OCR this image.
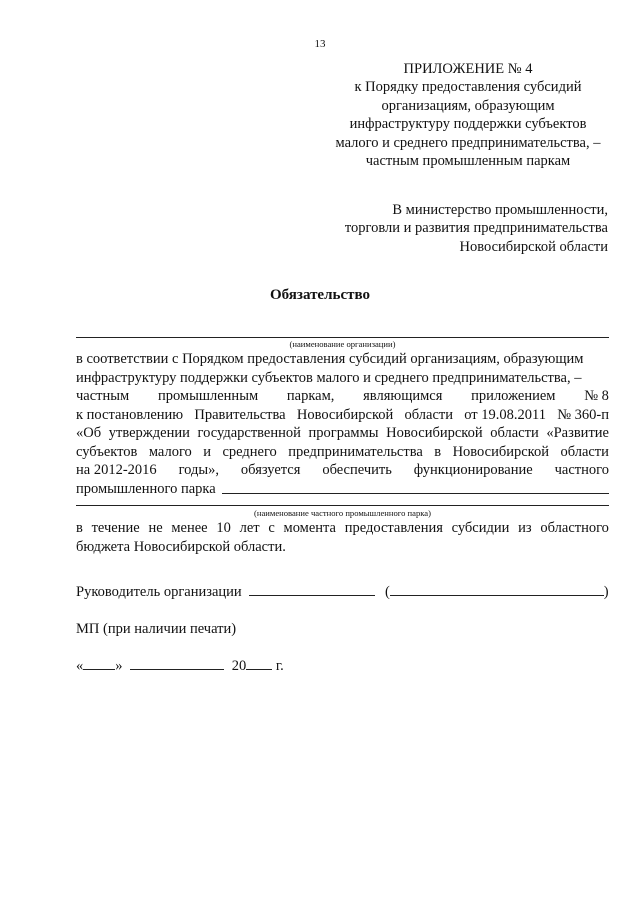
13
ПРИЛОЖЕНИЕ № 4
к Порядку предоставления субсидий
организациям, образующим
инфраструктуру поддержки субъектов
малого и среднего предпринимательства, –
частным промышленным паркам
В министерство промышленности,
торговли и развития предпринимательства
Новосибирской области
Обязательство
(наименование организации)
в соответствии с Порядком предоставления субсидий организациям, образующим
инфраструктуру поддержки субъектов малого и среднего предпринимательства, –
частным промышленным паркам, являющимся приложением № 8
к постановлению Правительства Новосибирской области от 19.08.2011 № 360-п
«Об утверждении государственной программы Новосибирской области «Развитие
субъектов малого и среднего предпринимательства в Новосибирской области
на 2012-2016 годы», обязуется обеспечить функционирование частного
промышленного парка
(наименование частного промышленного парка)
в течение не менее 10 лет с момента предоставления субсидии из областного
бюджета Новосибирской области.
Руководитель организации	(	)
МП (при наличии печати)
« »	20 г.
